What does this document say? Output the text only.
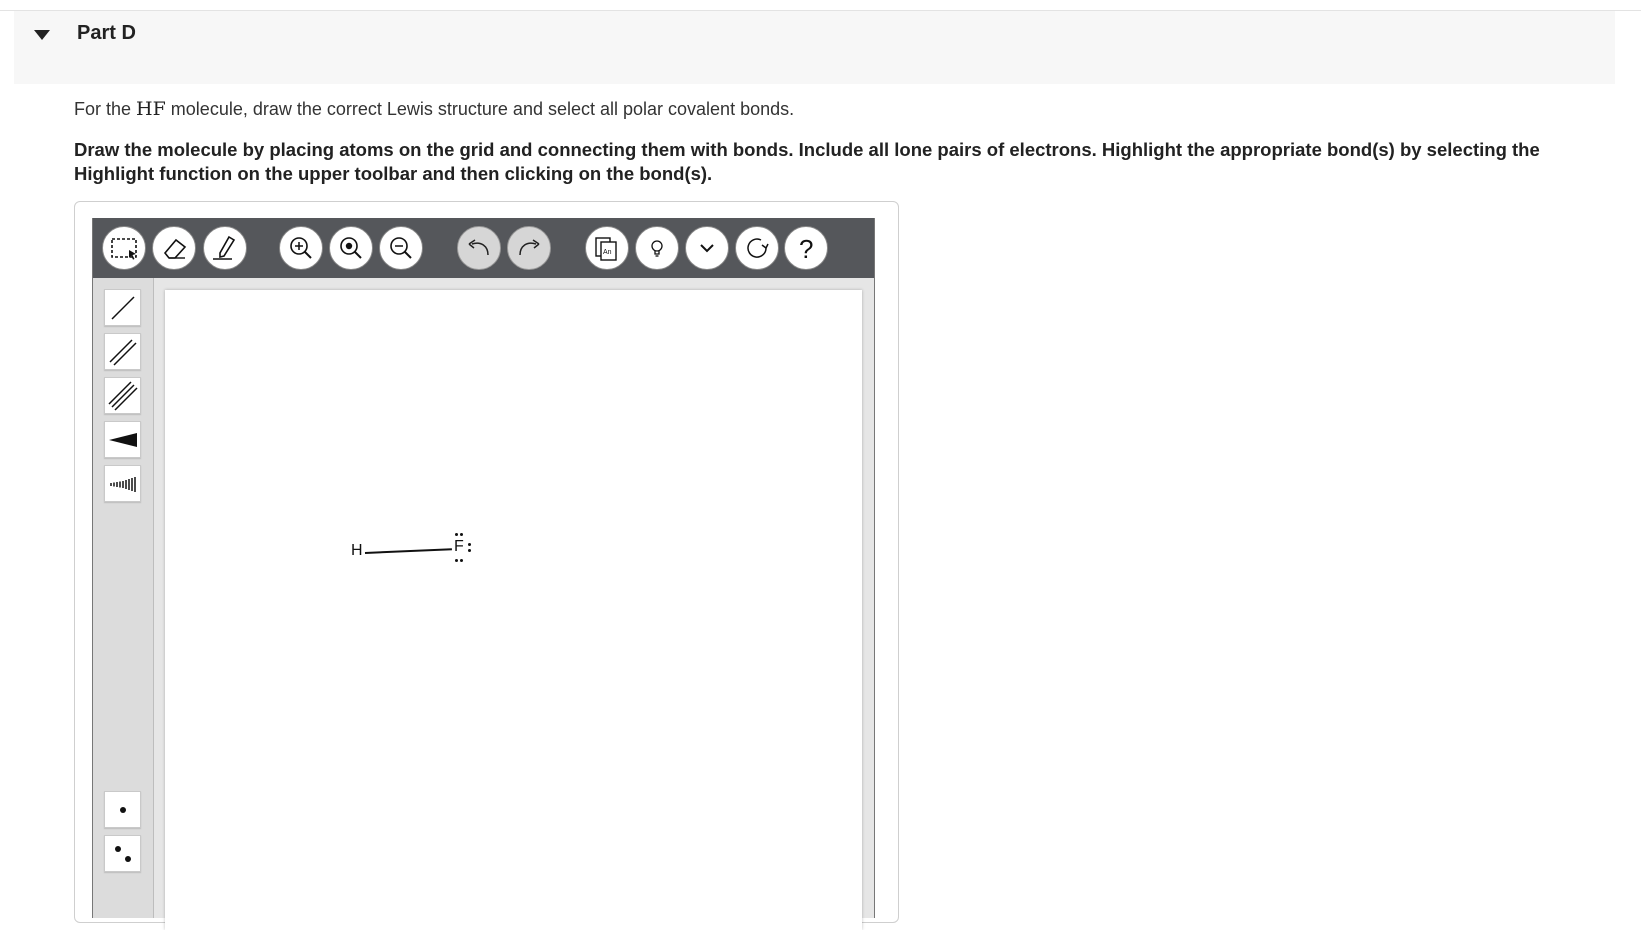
Part D
For the HF molecule, draw the correct Lewis structure and select all polar covalent bonds.
Draw the molecule by placing atoms on the grid and connecting them with bonds. Include all lone pairs of electrons. Highlight the appropriate bond(s) by selecting the Highlight function on the upper toolbar and then clicking on the bond(s).
An	?
H	F
